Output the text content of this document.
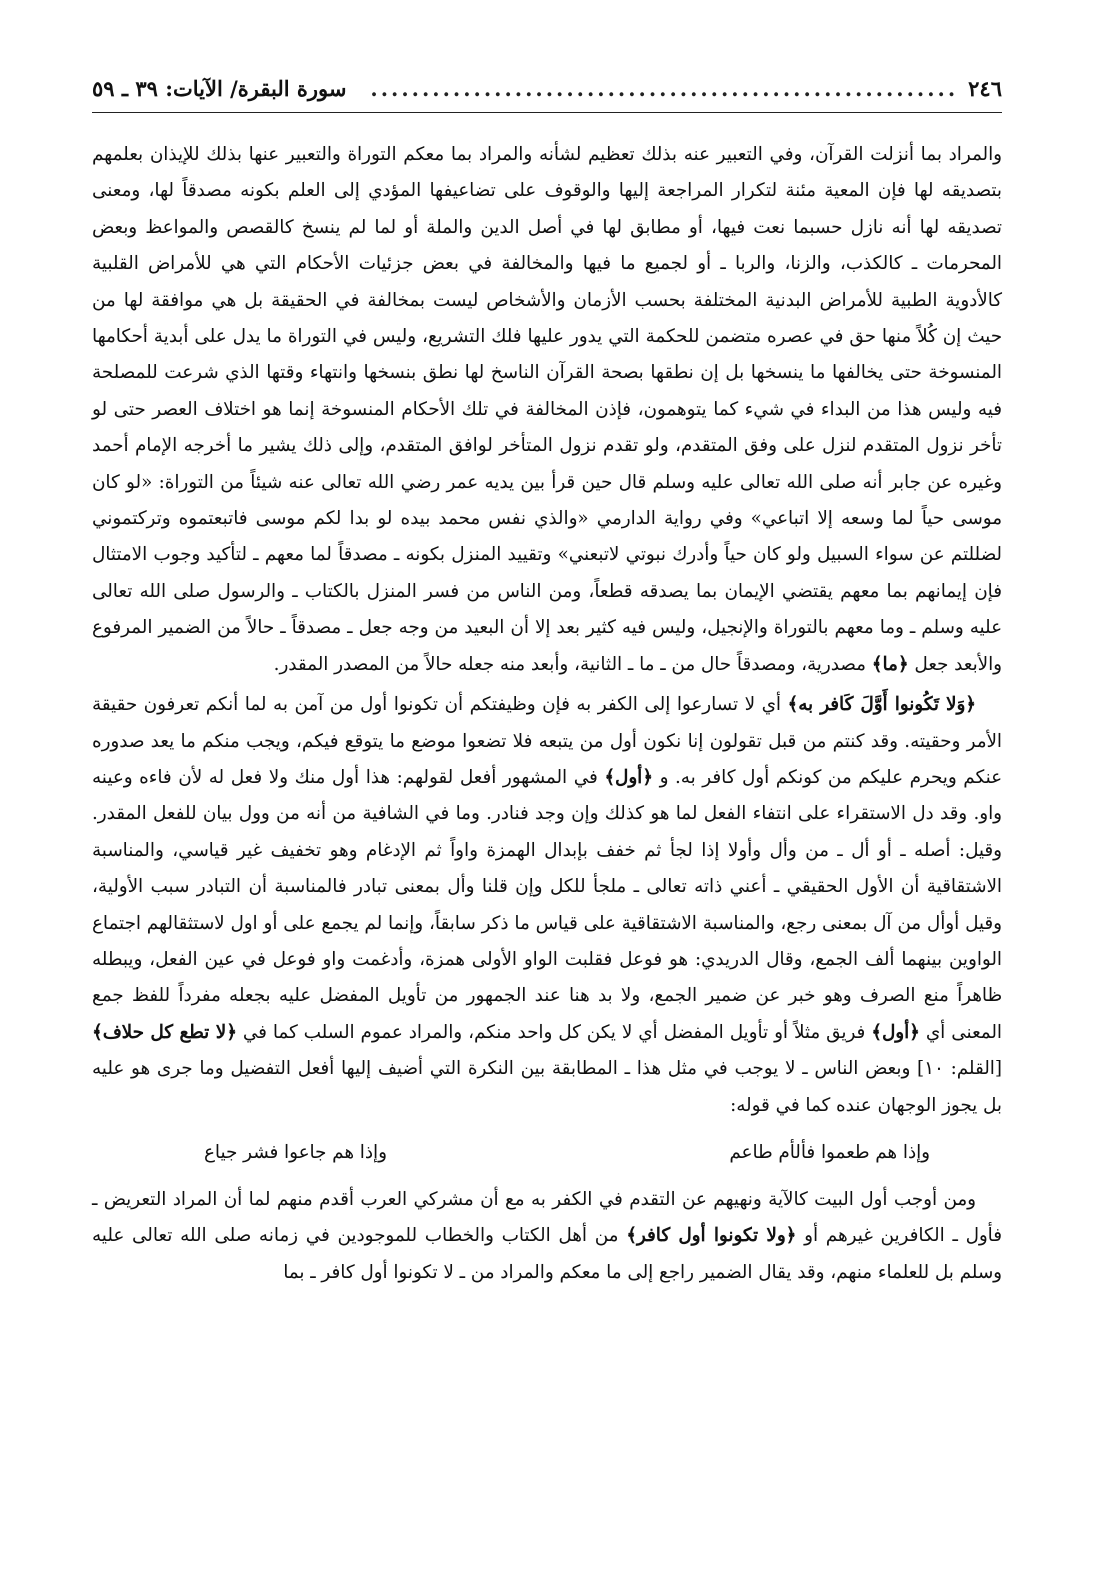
٢٤٦
.........................................................
سورة البقرة/ الآيات: ٣٩ ـ ٥٩

والمراد بما أنزلت القرآن، وفي التعبير عنه بذلك تعظيم لشأنه والمراد بما معكم التوراة والتعبير عنها بذلك للإيذان بعلمهم بتصديقه لها فإن المعية مئنة لتكرار المراجعة إليها والوقوف على تضاعيفها المؤدي إلى العلم بكونه مصدقاً لها، ومعنى تصديقه لها أنه نازل حسبما نعت فيها، أو مطابق لها في أصل الدين والملة أو لما لم ينسخ كالقصص والمواعظ وبعض المحرمات ـ كالكذب، والزنا، والربا ـ أو لجميع ما فيها والمخالفة في بعض جزئيات الأحكام التي هي للأمراض القلبية كالأدوية الطبية للأمراض البدنية المختلفة بحسب الأزمان والأشخاص ليست بمخالفة في الحقيقة بل هي موافقة لها من حيث إن كُلاً منها حق في عصره متضمن للحكمة التي يدور عليها فلك التشريع، وليس في التوراة ما يدل على أبدية أحكامها المنسوخة حتى يخالفها ما ينسخها بل إن نطقها بصحة القرآن الناسخ لها نطق بنسخها وانتهاء وقتها الذي شرعت للمصلحة فيه وليس هذا من البداء في شيء كما يتوهمون، فإذن المخالفة في تلك الأحكام المنسوخة إنما هو اختلاف العصر حتى لو تأخر نزول المتقدم لنزل على وفق المتقدم، ولو تقدم نزول المتأخر لوافق المتقدم، وإلى ذلك يشير ما أخرجه الإمام أحمد وغيره عن جابر أنه صلى الله تعالى عليه وسلم قال حين قرأ بين يديه عمر رضي الله تعالى عنه شيئاً من التوراة: «لو كان موسى حياً لما وسعه إلا اتباعي» وفي رواية الدارمي «والذي نفس محمد بيده لو بدا لكم موسى فاتبعتموه وتركتموني لضللتم عن سواء السبيل ولو كان حياً وأدرك نبوتي لاتبعني» وتقييد المنزل بكونه ـ مصدقاً لما معهم ـ لتأكيد وجوب الامتثال فإن إيمانهم بما معهم يقتضي الإيمان بما يصدقه قطعاً، ومن الناس من فسر المنزل بالكتاب ـ والرسول صلى الله تعالى عليه وسلم ـ وما معهم بالتوراة والإنجيل، وليس فيه كثير بعد إلا أن البعيد من وجه جعل ـ مصدقاً ـ حالاً من الضمير المرفوع والأبعد جعل ﴿ما﴾ مصدرية، ومصدقاً حال من ـ ما ـ الثانية، وأبعد منه جعله حالاً من المصدر المقدر.

﴿وَلا تَكُونوا أَوَّلَ كَافر به﴾ أي لا تسارعوا إلى الكفر به فإن وظيفتكم أن تكونوا أول من آمن به لما أنكم تعرفون حقيقة الأمر وحقيته. وقد كنتم من قبل تقولون إنا نكون أول من يتبعه فلا تضعوا موضع ما يتوقع فيكم، ويجب منكم ما يعد صدوره عنكم ويحرم عليكم من كونكم أول كافر به. و ﴿أول﴾ في المشهور أفعل لقولهم: هذا أول منك ولا فعل له لأن فاءه وعينه واو. وقد دل الاستقراء على انتفاء الفعل لما هو كذلك وإن وجد فنادر. وما في الشافية من أنه من وول بيان للفعل المقدر. وقيل: أصله ـ أو أل ـ من وأل وأولا إذا لجأ ثم خفف بإبدال الهمزة واواً ثم الإدغام وهو تخفيف غير قياسي، والمناسبة الاشتقاقية أن الأول الحقيقي ـ أعني ذاته تعالى ـ ملجأ للكل وإن قلنا وأل بمعنى تبادر فالمناسبة أن التبادر سبب الأولية، وقيل أوأل من آل بمعنى رجع، والمناسبة الاشتقاقية على قياس ما ذكر سابقاً، وإنما لم يجمع على أو اول لاستثقالهم اجتماع الواوين بينهما ألف الجمع، وقال الدريدي: هو فوعل فقلبت الواو الأولى همزة، وأدغمت واو فوعل في عين الفعل، ويبطله ظاهراً منع الصرف وهو خبر عن ضمير الجمع، ولا بد هنا عند الجمهور من تأويل المفضل عليه بجعله مفرداً للفظ جمع المعنى أي ﴿أول﴾ فريق مثلاً أو تأويل المفضل أي لا يكن كل واحد منكم، والمراد عموم السلب كما في ﴿لا تطع كل حلاف﴾ [القلم: ١٠] وبعض الناس ـ لا يوجب في مثل هذا ـ المطابقة بين النكرة التي أضيف إليها أفعل التفضيل وما جرى هو عليه بل يجوز الوجهان عنده كما في قوله:

وإذا هم طعموا فألأم طاعم
وإذا هم جاعوا فشر جياع

ومن أوجب أول البيت كالآية ونهيهم عن التقدم في الكفر به مع أن مشركي العرب أقدم منهم لما أن المراد التعريض ـ فأول ـ الكافرين غيرهم أو ﴿ولا تكونوا أول كافر﴾ من أهل الكتاب والخطاب للموجودين في زمانه صلى الله تعالى عليه وسلم بل للعلماء منهم، وقد يقال الضمير راجع إلى ما معكم والمراد من ـ لا تكونوا أول كافر ـ بما
